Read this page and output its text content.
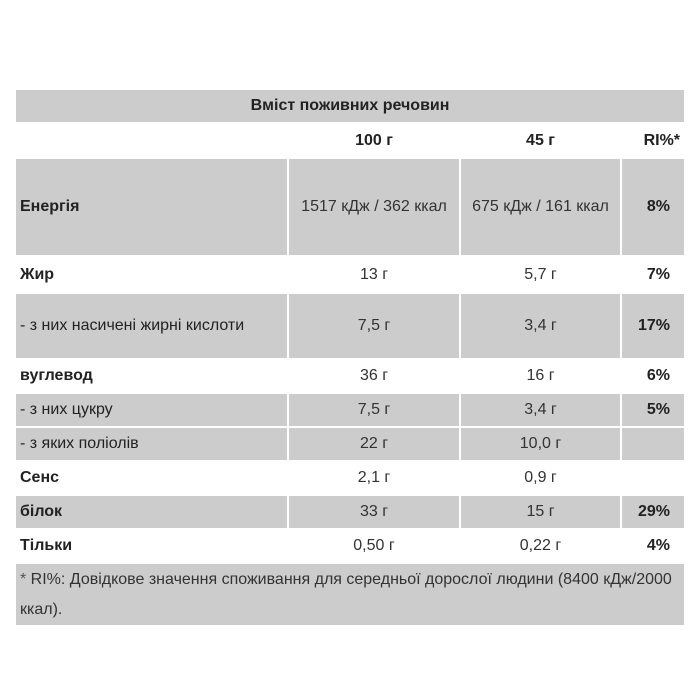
Вміст поживних речовин			
	100 г	45 г	RI%*
Енергія	1517 кДж / 362 ккал	675 кДж / 161 ккал	8%
Жир	13 г	5,7 г	7%
- з них насичені жирні кислоти	7,5 г	3,4 г	17%
вуглевод	36 г	16 г	6%
- з них цукру	7,5 г	3,4 г	5%
- з яких поліолів	22 г	10,0 г	
Сенс	2,1 г	0,9 г	
білок	33 г	15 г	29%
Тільки	0,50 г	0,22 г	4%
* RI%: Довідкове значення споживання для середньої дорослої людини (8400 кДж/2000 ккал).			
